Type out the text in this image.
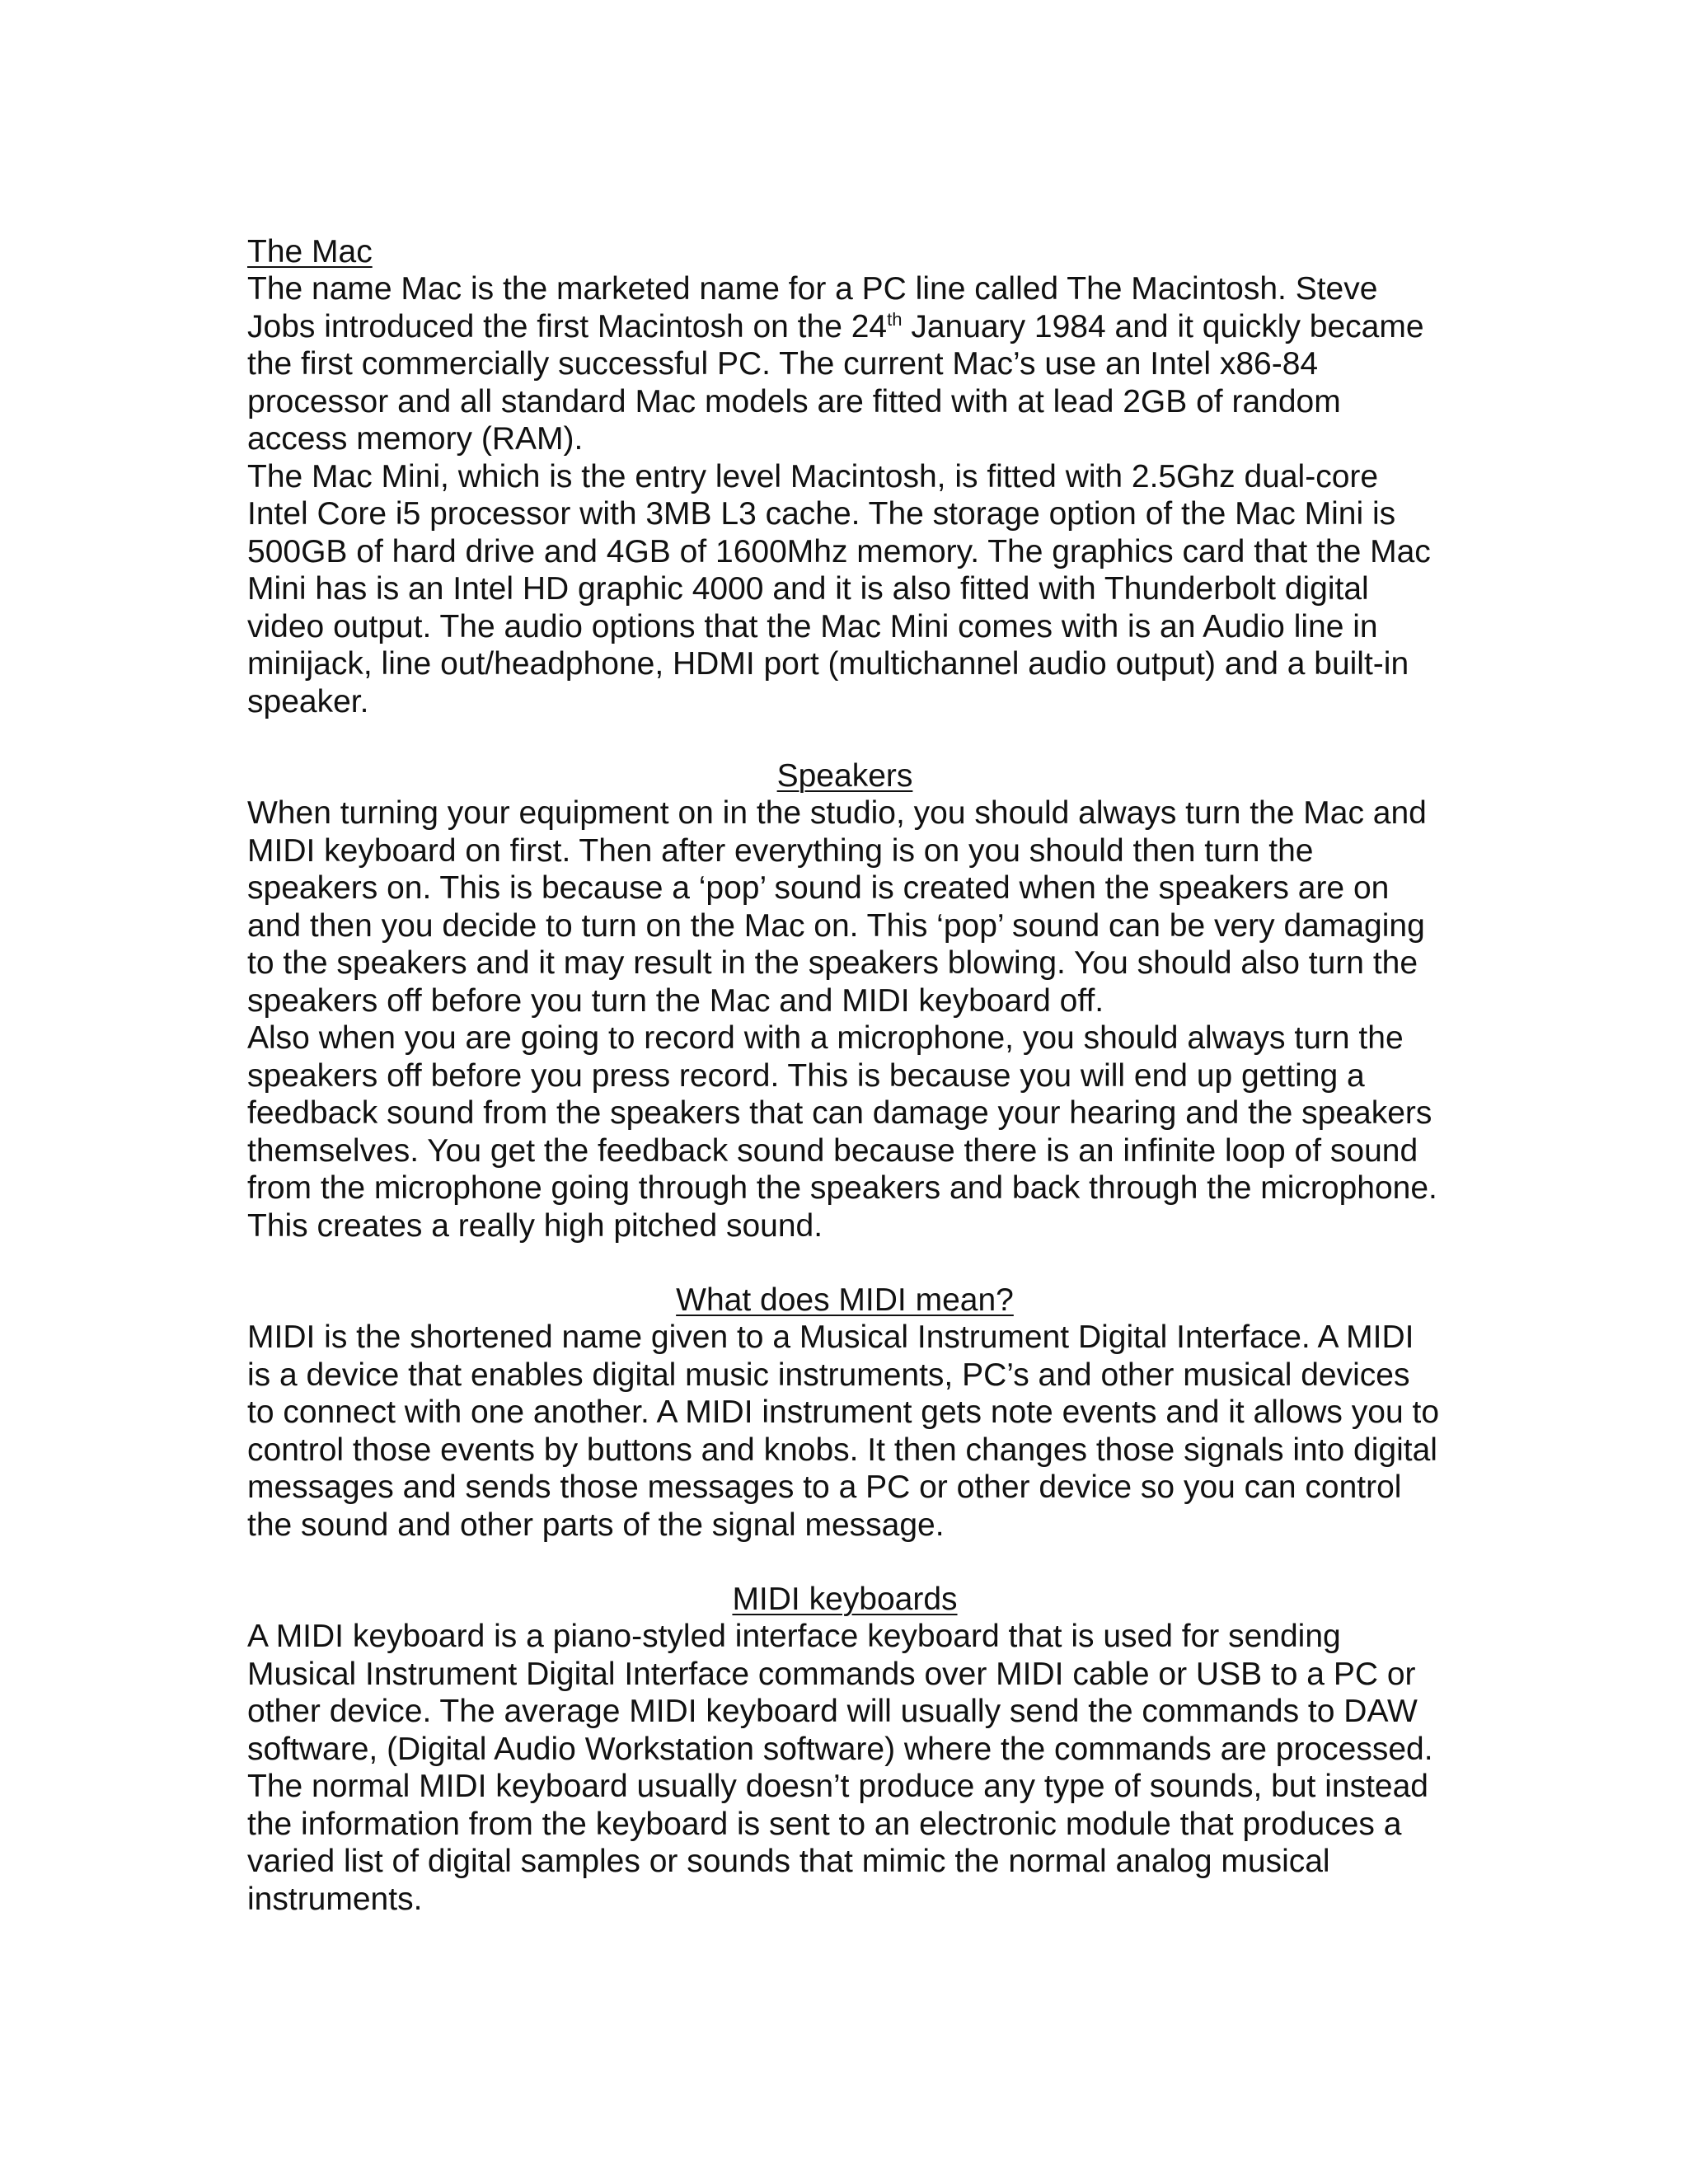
The Mac

The name Mac is the marketed name for a PC line called The Macintosh. Steve Jobs introduced the first Macintosh on the 24th January 1984 and it quickly became the first commercially successful PC. The current Mac’s use an Intel x86-84 processor and all standard Mac models are fitted with at lead 2GB of random access memory (RAM).

The Mac Mini, which is the entry level Macintosh, is fitted with 2.5Ghz dual-core Intel Core i5 processor with 3MB L3 cache. The storage option of the Mac Mini is 500GB of hard drive and 4GB of 1600Mhz memory. The graphics card that the Mac Mini has is an Intel HD graphic 4000 and it is also fitted with Thunderbolt digital video output. The audio options that the Mac Mini comes with is an Audio line in minijack, line out/headphone, HDMI port (multichannel audio output) and a built-in speaker.

Speakers

When turning your equipment on in the studio, you should always turn the Mac and MIDI keyboard on first. Then after everything is on you should then turn the speakers on. This is because a ‘pop’ sound is created when the speakers are on and then you decide to turn on the Mac on. This ‘pop’ sound can be very damaging to the speakers and it may result in the speakers blowing. You should also turn the speakers off before you turn the Mac and MIDI keyboard off.

Also when you are going to record with a microphone, you should always turn the speakers off before you press record. This is because you will end up getting a feedback sound from the speakers that can damage your hearing and the speakers themselves. You get the feedback sound because there is an infinite loop of sound from the microphone going through the speakers and back through the microphone. This creates a really high pitched sound.

What does MIDI mean?

MIDI is the shortened name given to a Musical Instrument Digital Interface. A MIDI is a device that enables digital music instruments, PC’s and other musical devices to connect with one another. A MIDI instrument gets note events and it allows you to control those events by buttons and knobs. It then changes those signals into digital messages and sends those messages to a PC or other device so you can control the sound and other parts of the signal message.

MIDI keyboards

A MIDI keyboard is a piano-styled interface keyboard that is used for sending Musical Instrument Digital Interface commands over MIDI cable or USB to a PC or other device. The average MIDI keyboard will usually send the commands to DAW software, (Digital Audio Workstation software) where the commands are processed. The normal MIDI keyboard usually doesn’t produce any type of sounds, but instead the information from the keyboard is sent to an electronic module that produces a varied list of digital samples or sounds that mimic the normal analog musical instruments.
